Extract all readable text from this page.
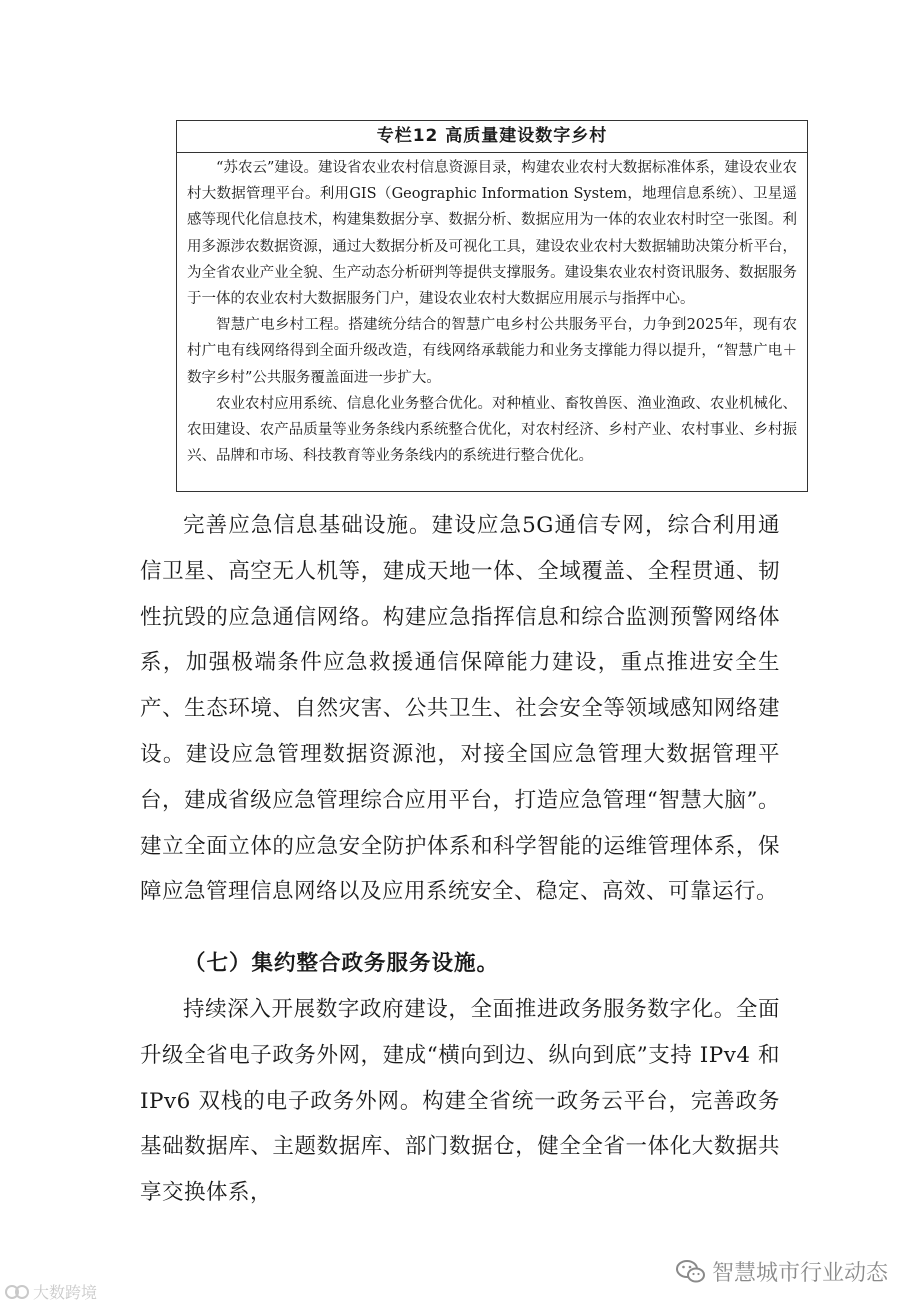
专栏12 高质量建设数字乡村

“苏农云”建设。建设省农业农村信息资源目录，构建农业农村大数据标准体系，建设农业农村大数据管理平台。利用GIS（Geographic Information System，地理信息系统）、卫星遥感等现代化信息技术，构建集数据分享、数据分析、数据应用为一体的农业农村时空一张图。利用多源涉农数据资源，通过大数据分析及可视化工具，建设农业农村大数据辅助决策分析平台，为全省农业产业全貌、生产动态分析研判等提供支撑服务。建设集农业农村资讯服务、数据服务于一体的农业农村大数据服务门户，建设农业农村大数据应用展示与指挥中心。

智慧广电乡村工程。搭建统分结合的智慧广电乡村公共服务平台，力争到2025年，现有农村广电有线网络得到全面升级改造，有线网络承载能力和业务支撑能力得以提升，“智慧广电＋数字乡村”公共服务覆盖面进一步扩大。

农业农村应用系统、信息化业务整合优化。对种植业、畜牧兽医、渔业渔政、农业机械化、农田建设、农产品质量等业务条线内系统整合优化，对农村经济、乡村产业、农村事业、乡村振兴、品牌和市场、科技教育等业务条线内的系统进行整合优化。

完善应急信息基础设施。建设应急5G通信专网，综合利用通信卫星、高空无人机等，建成天地一体、全域覆盖、全程贯通、韧性抗毁的应急通信网络。构建应急指挥信息和综合监测预警网络体系，加强极端条件应急救援通信保障能力建设，重点推进安全生产、生态环境、自然灾害、公共卫生、社会安全等领域感知网络建设。建设应急管理数据资源池，对接全国应急管理大数据管理平台，建成省级应急管理综合应用平台，打造应急管理“智慧大脑”。建立全面立体的应急安全防护体系和科学智能的运维管理体系，保障应急管理信息网络以及应用系统安全、稳定、高效、可靠运行。

（七）集约整合政务服务设施。

持续深入开展数字政府建设，全面推进政务服务数字化。全面升级全省电子政务外网，建成“横向到边、纵向到底”支持 IPv4 和 IPv6 双栈的电子政务外网。构建全省统一政务云平台，完善政务基础数据库、主题数据库、部门数据仓，健全全省一体化大数据共享交换体系，

大数跨境
智慧城市行业动态
